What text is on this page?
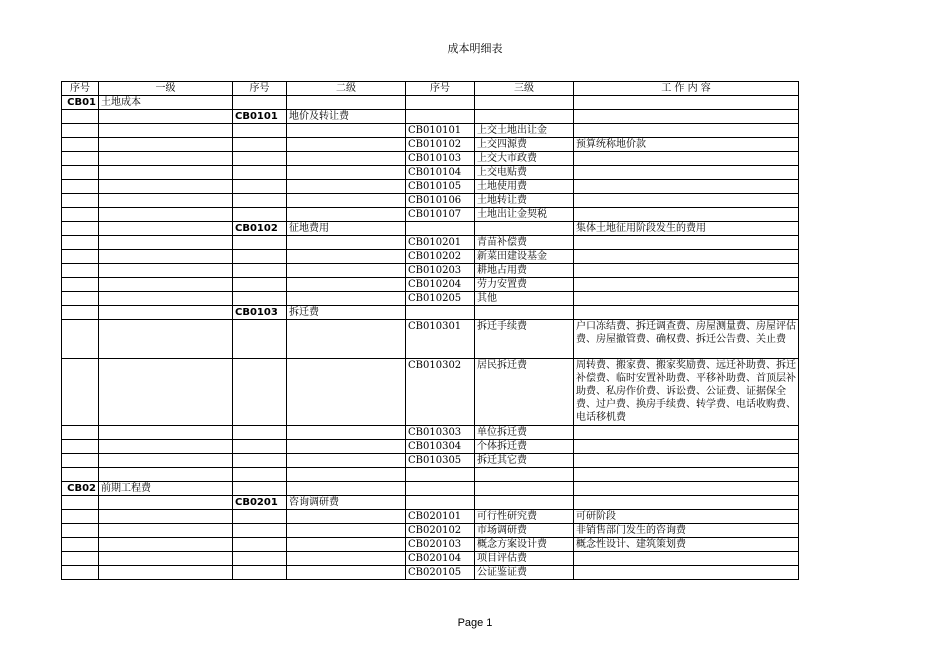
成本明细表
序号	一级	序号	二级	序号	三级	工 作 内 容
CB01	土地成本					
		CB0101	地价及转让费			
				CB010101	上交土地出让金	
				CB010102	上交四源费	预算统称地价款
				CB010103	上交大市政费	
				CB010104	上交电贴费	
				CB010105	土地使用费	
				CB010106	土地转让费	
				CB010107	土地出让金契税	
		CB0102	征地费用			集体土地征用阶段发生的费用
				CB010201	青苗补偿费	
				CB010202	新菜田建设基金	
				CB010203	耕地占用费	
				CB010204	劳力安置费	
				CB010205	其他	
		CB0103	拆迁费			
				CB010301	拆迁手续费	户口冻结费、拆迁调查费、房屋测量费、房屋评估费、房屋撤管费、确权费、拆迁公告费、关止费
				CB010302	居民拆迁费	周转费、搬家费、搬家奖励费、远迁补助费、拆迁补偿费、临时安置补助费、平移补助费、首顶层补助费、私房作价费、诉讼费、公证费、证据保全费、过户费、换房手续费、转学费、电话收购费、电话移机费
				CB010303	单位拆迁费	
				CB010304	个体拆迁费	
				CB010305	拆迁其它费	

CB02	前期工程费					
		CB0201	咨询调研费			
				CB020101	可行性研究费	可研阶段
				CB020102	市场调研费	非销售部门发生的咨询费
				CB020103	概念方案设计费	概念性设计、建筑策划费
				CB020104	项目评估费	
				CB020105	公证鉴证费	
Page 1
